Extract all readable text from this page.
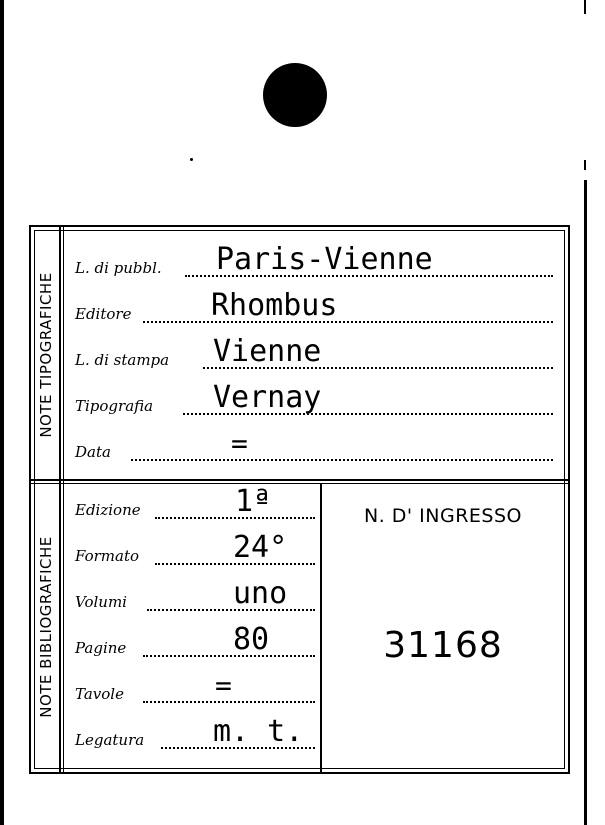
NOTE TIPOGRAFICHE
NOTE BIBLIOGRAFICHE
L. di pubbl. Paris-Vienne
Editore	Rhombus
L. di stampa Vienne
Tipografia Vernay
Data	=
Edizione	1ª
Formato	24°
Volumi	uno
Pagine	80
Tavole	=
Legatura m. t.
N. D' INGRESSO
31168
